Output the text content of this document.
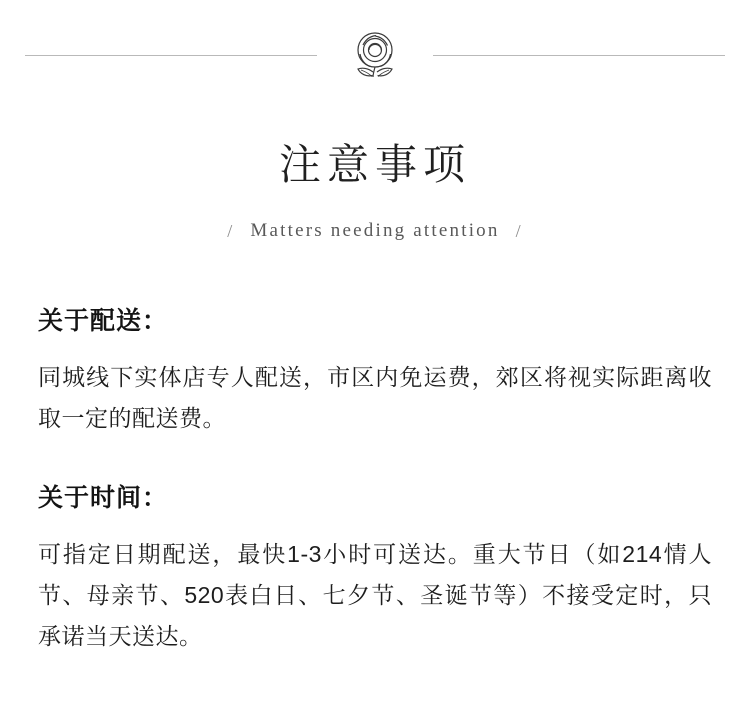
注意事项
/ Matters needing attention /
关于配送：
同城线下实体店专人配送，市区内免运费，郊区将视实际距离收取一定的配送费。
关于时间：
可指定日期配送，最快1-3小时可送达。重大节日（如214情人节、母亲节、520表白日、七夕节、圣诞节等）不接受定时，只承诺当天送达。
